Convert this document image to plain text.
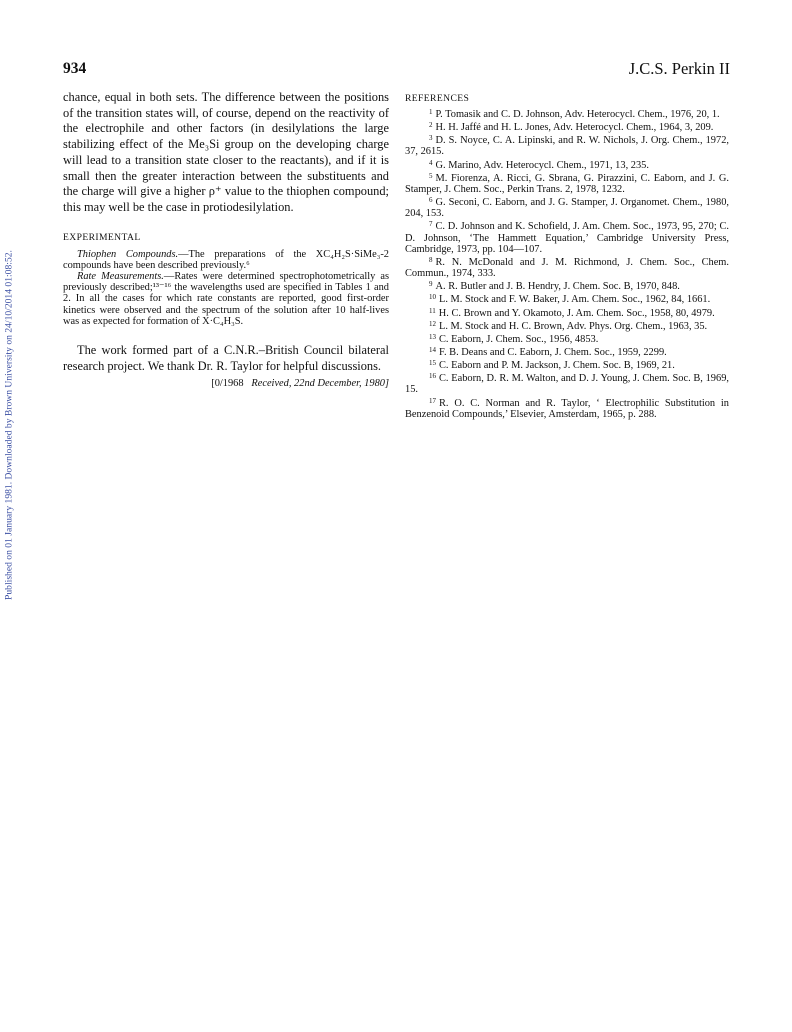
Published on 01 January 1981. Downloaded by Brown University on 24/10/2014 01:08:52.
934	J.C.S. Perkin II

chance, equal in both sets. The difference between the positions of the transition states will, of course, depend on the reactivity of the electrophile and other factors (in desilylations the large stabilizing effect of the Me₃Si group on the developing charge will lead to a transition state closer to the reactants), and if it is small then the greater interaction between the substituents and the charge will give a higher ρ⁺ value to the thiophen compound; this may well be the case in protiodesilylation.

EXPERIMENTAL

Thiophen Compounds.—The preparations of the XC₄H₂S·SiMe₃-2 compounds have been described previously.⁶

Rate Measurements.—Rates were determined spectrophotometrically as previously described;¹³⁻¹⁶ the wavelengths used are specified in Tables 1 and 2. In all the cases for which rate constants are reported, good first-order kinetics were observed and the spectrum of the solution after 10 half-lives was as expected for formation of X·C₄H₃S.

The work formed part of a C.N.R.–British Council bilateral research project. We thank Dr. R. Taylor for helpful discussions.

[0/1968 Received, 22nd December, 1980]
REFERENCES

$^1$ P. Tomasik and C. D. Johnson, Adv. Heterocycl. Chem., 1976, 20, 1.

$^2$ H. H. Jaffé and H. L. Jones, Adv. Heterocycl. Chem., 1964, 3, 209.

$^3$ D. S. Noyce, C. A. Lipinski, and R. W. Nichols, J. Org. Chem., 1972, 37, 2615.

$^4$ G. Marino, Adv. Heterocycl. Chem., 1971, 13, 235.

$^5$ M. Fiorenza, A. Ricci, G. Sbrana, G. Pirazzini, C. Eaborn, and J. G. Stamper, J. Chem. Soc., Perkin Trans. 2, 1978, 1232.

$^6$ G. Seconi, C. Eaborn, and J. G. Stamper, J. Organomet. Chem., 1980, 204, 153.

$^7$ C. D. Johnson and K. Schofield, J. Am. Chem. Soc., 1973, 95, 270; C. D. Johnson, ‘The Hammett Equation,’ Cambridge University Press, Cambridge, 1973, pp. 104—107.

$^8$ R. N. McDonald and J. M. Richmond, J. Chem. Soc., Chem. Commun., 1974, 333.

$^9$ A. R. Butler and J. B. Hendry, J. Chem. Soc. B, 1970, 848.

$^{10}$ L. M. Stock and F. W. Baker, J. Am. Chem. Soc., 1962, 84, 1661.

$^{11}$ H. C. Brown and Y. Okamoto, J. Am. Chem. Soc., 1958, 80, 4979.

$^{12}$ L. M. Stock and H. C. Brown, Adv. Phys. Org. Chem., 1963, 35.

$^{13}$ C. Eaborn, J. Chem. Soc., 1956, 4853.

$^{14}$ F. B. Deans and C. Eaborn, J. Chem. Soc., 1959, 2299.

$^{15}$ C. Eaborn and P. M. Jackson, J. Chem. Soc. B, 1969, 21.

$^{16}$ C. Eaborn, D. R. M. Walton, and D. J. Young, J. Chem. Soc. B, 1969, 15.

$^{17}$ R. O. C. Norman and R. Taylor, ‘ Electrophilic Substitution in Benzenoid Compounds,’ Elsevier, Amsterdam, 1965, p. 288.
